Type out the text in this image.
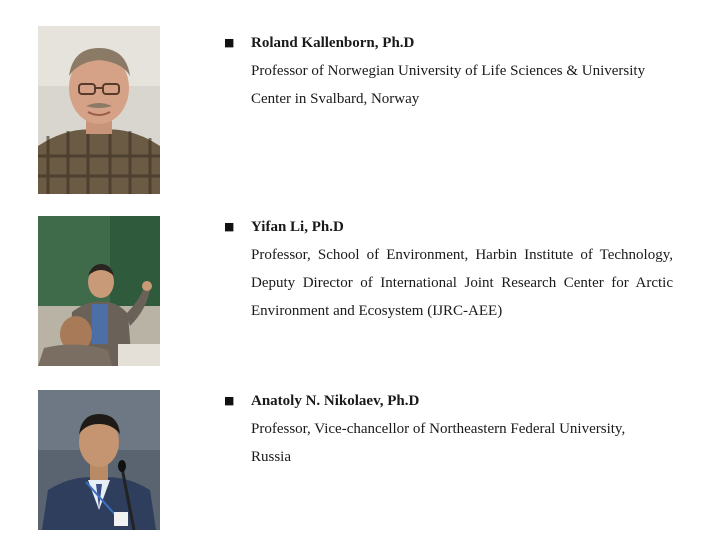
■ Roland Kallenborn, Ph.D

Professor of Norwegian University of Life Sciences & University Center in Svalbard, Norway

■ Yifan Li, Ph.D

Professor, School of Environment, Harbin Institute of Technology, Deputy Director of International Joint Research Center for Arctic Environment and Ecosystem (IJRC-AEE)

■ Anatoly N. Nikolaev, Ph.D

Professor, Vice-chancellor of Northeastern Federal University, Russia
